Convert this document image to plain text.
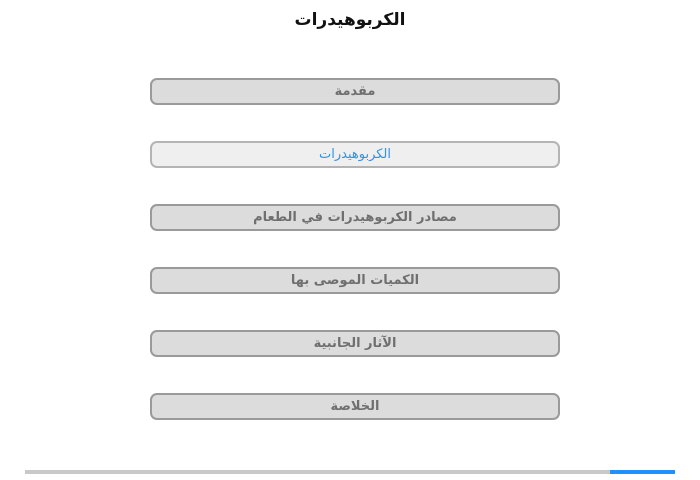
الكربوهيدرات
مقدمة
الكربوهيدرات
مصادر الكربوهيدرات في الطعام
الكميات الموصى بها
الآثار الجانبية
الخلاصة
